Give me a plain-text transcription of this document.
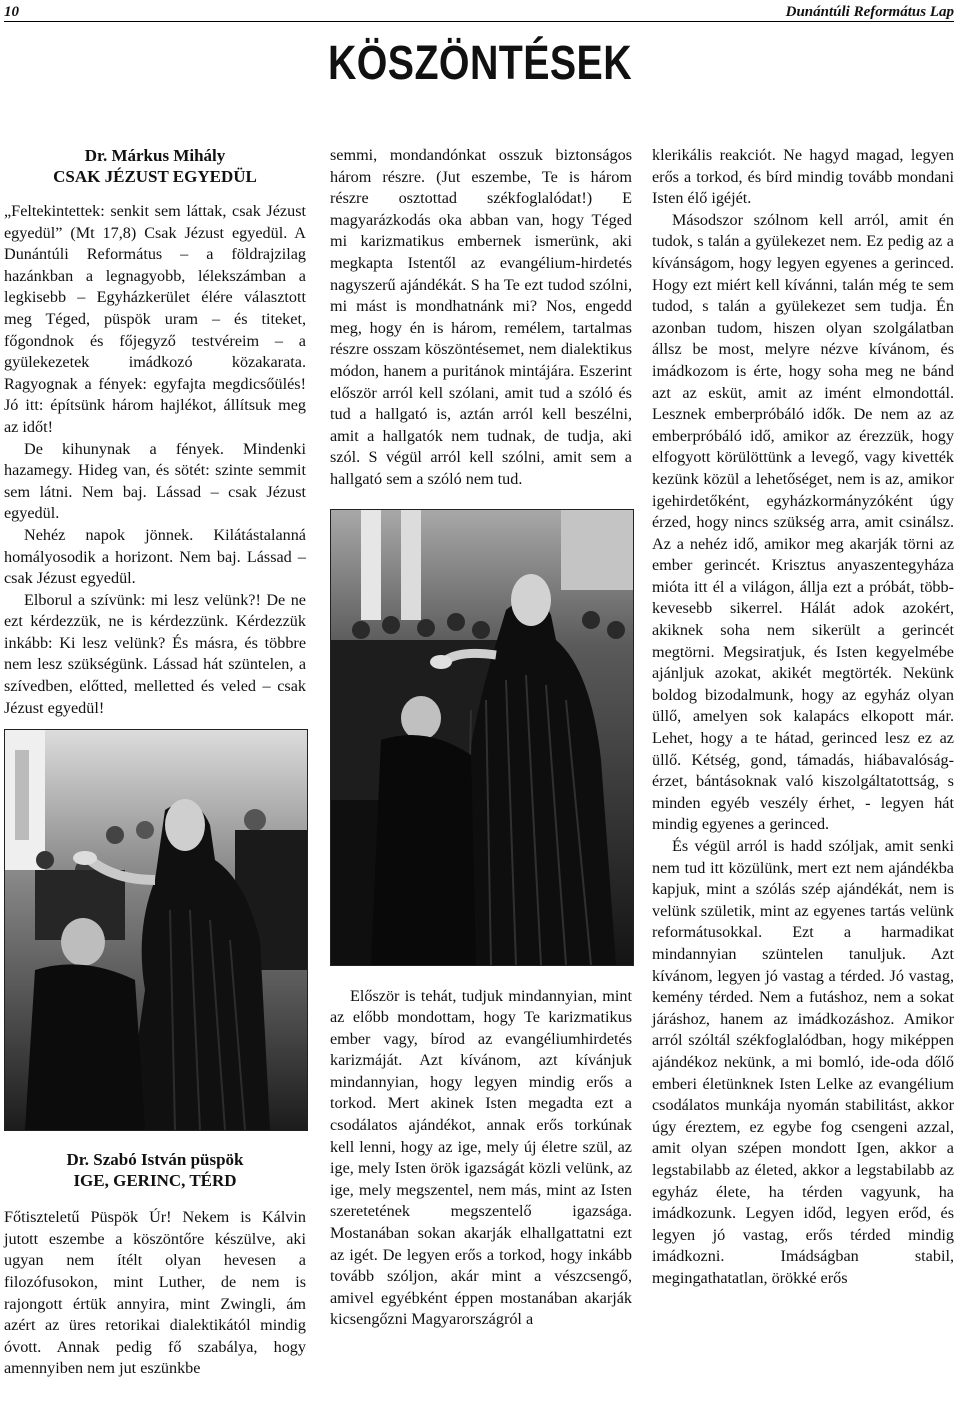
10	Dunántúli Református Lap
KÖSZÖNTÉSEK
Dr. Márkus Mihály
CSAK JÉZUST EGYEDÜL

„Feltekintettek: senkit sem láttak, csak Jézust egyedül” (Mt 17,8) Csak Jézust egyedül. A Dunántúli Református – a földrajzilag hazánkban a legnagyobb, lélekszámban a legkisebb – Egyházkerület élére választott meg Téged, püspök uram – és titeket, főgondnok és főjegyző testvéreim – a gyülekezetek imádkozó közakarata. Ragyognak a fények: egyfajta megdicsőülés! Jó itt: építsünk három hajlékot, állítsuk meg az időt!

De kihunynak a fények. Mindenki hazamegy. Hideg van, és sötét: szinte semmit sem látni. Nem baj. Lássad – csak Jézust egyedül.

Nehéz napok jönnek. Kilátástalanná homályosodik a horizont. Nem baj. Lássad – csak Jézust egyedül.

Elborul a szívünk: mi lesz velünk?! De ne ezt kérdezzük, ne is kérdezzünk. Kérdezzük inkább: Ki lesz velünk? És másra, és többre nem lesz szükségünk. Lássad hát szüntelen, a szívedben, előtted, melletted és veled – csak Jézust egyedül!

Dr. Szabó István püspök
IGE, GERINC, TÉRD

Főtiszteletű Püspök Úr! Nekem is Kálvin jutott eszembe a köszöntőre készülve, aki ugyan nem ítélt olyan hevesen a filozófusokon, mint Luther, de nem is rajongott értük annyira, mint Zwingli, ám azért az üres retorikai dialektikától mindig óvott. Annak pedig fő szabálya, hogy amennyiben nem jut eszünkbe

semmi, mondandónkat osszuk biztonságos három részre. (Jut eszembe, Te is három részre osztottad székfoglalódat!) E magyarázkodás oka abban van, hogy Téged mi karizmatikus embernek ismerünk, aki megkapta Istentől az evangélium-hirdetés nagyszerű ajándékát. S ha Te ezt tudod szólni, mi mást is mondhatnánk mi? Nos, engedd meg, hogy én is három, remélem, tartalmas részre osszam köszöntésemet, nem dialektikus módon, hanem a puritánok mintájára. Eszerint először arról kell szólani, amit tud a szóló és tud a hallgató is, aztán arról kell beszélni, amit a hallgatók nem tudnak, de tudja, aki szól. S végül arról kell szólni, amit sem a hallgató sem a szóló nem tud.

Először is tehát, tudjuk mindannyian, mint az előbb mondottam, hogy Te karizmatikus ember vagy, bírod az evangéliumhirdetés karizmáját. Azt kívánom, azt kívánjuk mindannyian, hogy legyen mindig erős a torkod. Mert akinek Isten megadta ezt a csodálatos ajándékot, annak erős torkúnak kell lenni, hogy az ige, mely új életre szül, az ige, mely Isten örök igazságát közli velünk, az ige, mely megszentel, nem más, mint az Isten szeretetének megszentelő igazsága. Mostanában sokan akarják elhallgattatni ezt az igét. De legyen erős a torkod, hogy inkább tovább szóljon, akár mint a vészcsengő, amivel egyébként éppen mostanában akarják kicsengőzni Magyarországról a

klerikális reakciót. Ne hagyd magad, legyen erős a torkod, és bírd mindig tovább mondani Isten élő igéjét.

Másodszor szólnom kell arról, amit én tudok, s talán a gyülekezet nem. Ez pedig az a kívánságom, hogy legyen egyenes a gerinced. Hogy ezt miért kell kívánni, talán még te sem tudod, s talán a gyülekezet sem tudja. Én azonban tudom, hiszen olyan szolgálatban állsz be most, melyre nézve kívánom, és imádkozom is érte, hogy soha meg ne bánd azt az esküt, amit az imént elmondottál. Lesznek emberpróbáló idők. De nem az az emberpróbáló idő, amikor az érezzük, hogy elfogyott körülöttünk a levegő, vagy kivették kezünk közül a lehetőséget, nem is az, amikor igehirdetőként, egyházkormányzóként úgy érzed, hogy nincs szükség arra, amit csinálsz. Az a nehéz idő, amikor meg akarják törni az ember gerincét. Krisztus anyaszentegyháza mióta itt él a világon, állja ezt a próbát, több-kevesebb sikerrel. Hálát adok azokért, akiknek soha nem sikerült a gerincét megtörni. Megsiratjuk, és Isten kegyelmébe ajánljuk azokat, akikét megtörték. Nekünk boldog bizodalmunk, hogy az egyház olyan üllő, amelyen sok kalapács elkopott már. Lehet, hogy a te hátad, gerinced lesz ez az üllő. Kétség, gond, támadás, hiábavalóság-érzet, bántásoknak való kiszolgáltatottság, s minden egyéb veszély érhet, - legyen hát mindig egyenes a gerinced.

És végül arról is hadd szóljak, amit senki nem tud itt közülünk, mert ezt nem ajándékba kapjuk, mint a szólás szép ajándékát, nem is velünk születik, mint az egyenes tartás velünk reformátusokkal. Ezt a harmadikat mindannyian szüntelen tanuljuk. Azt kívánom, legyen jó vastag a térded. Jó vastag, kemény térded. Nem a futáshoz, nem a sokat járáshoz, hanem az imádkozáshoz. Amikor arról szóltál székfoglalódban, hogy miképpen ajándékoz nekünk, a mi bomló, ide-oda dőlő emberi életünknek Isten Lelke az evangélium csodálatos munkája nyomán stabilitást, akkor úgy éreztem, ez egybe fog csengeni azzal, amit olyan szépen mondott Igen, akkor a legstabilabb az életed, akkor a legstabilabb az egyház élete, ha térden vagyunk, ha imádkozunk. Legyen időd, legyen erőd, és legyen jó vastag, erős térded mindig imádkozni. Imádságban stabil, megingathatatlan, örökké erős
